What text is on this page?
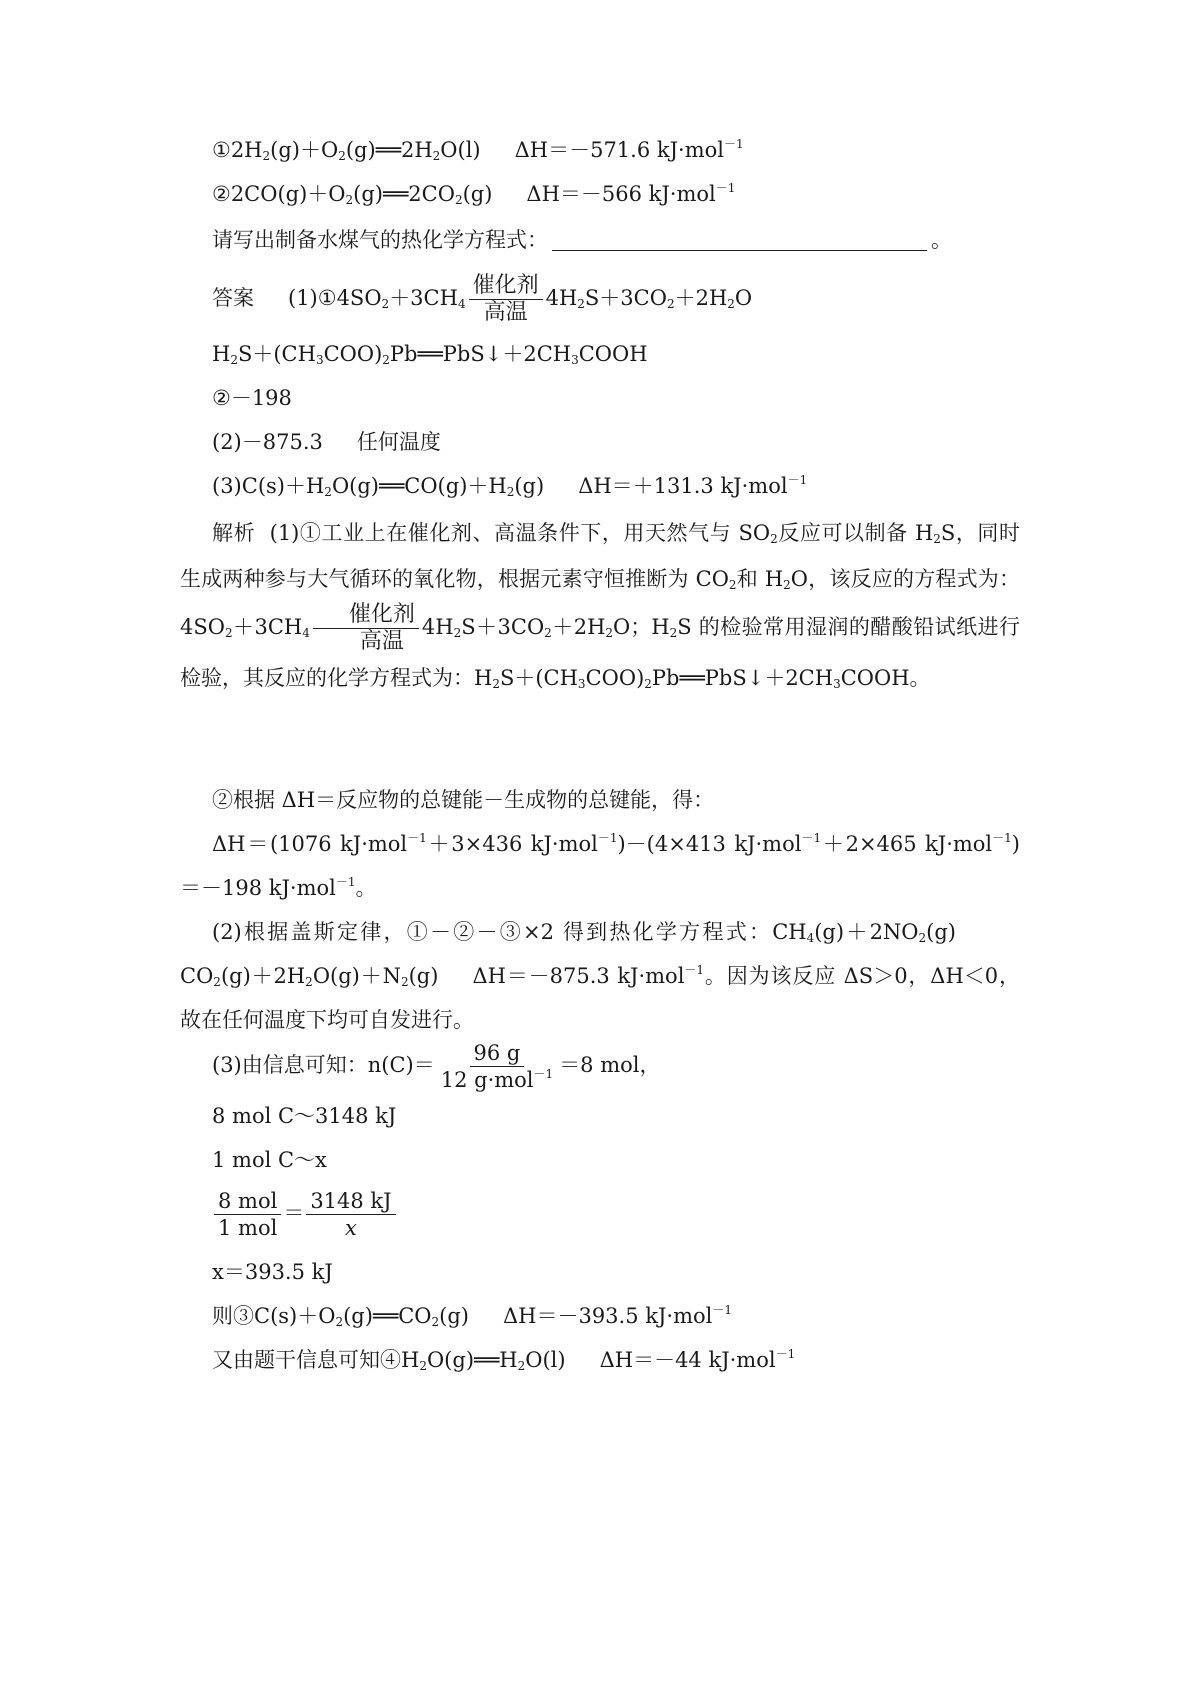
$①2H_2(g)+O_2(g)══2H_2O(l)$ ΔH＝－571.6 kJ·mol$^{-1}$
$②2CO(g)+O_2(g)══2CO_2(g)$ ΔH＝－566 kJ·mol$^{-1}$
请写出制备水煤气的热化学方程式：	。
答案 $(1)①4SO_2+3CH_4$
催化剂
高温
$4H_2S+3CO_2+2H_2O$
$H_2S+(CH_3COO)_2Pb══PbS↓+2CH_3COOH$
②－198
(2)－875.3 任何温度
$(3)C(s)+H_2O(g)══CO(g)+H_2(g)$ ΔH＝＋131.3 kJ·mol$^{-1}$
解析 (1)①工业上在催化剂、高温条件下，用天然气与 $SO_2$反应可以制备 $H_2S$，同时生成两种参与大气循环的氧化物，根据元素守恒推断为 $CO_2$和 $H_2O$，该反应的方程式为：$4SO_2+3CH_4$
催化剂
高温
$4H_2S+3CO_2+2H_2O$；$H_2S$ 的检验常用湿润的醋酸铅试纸进行检验，其反应的化学方程式为：$H_2S+(CH_3COO)_2Pb══PbS↓+2CH_3COOH$。
②根据 ΔH＝反应物的总键能－生成物的总键能，得：
ΔH＝(1076 kJ·mol$^{-1}$＋3×436 kJ·mol$^{-1}$)－(4×413 kJ·mol$^{-1}$＋2×465 kJ·mol$^{-1}$)＝－198 kJ·mol$^{-1}$。
(2)根据盖斯定律，①－②－③×2 得到热化学方程式：$CH_4(g)+2NO_2(g)CO_2(g)+2H_2O(g)+N_2(g)$ ΔH＝－875.3 kJ·mol$^{-1}$。因为该反应 ΔS＞0，ΔH＜0，故在任何温度下均可自发进行。
(3)由信息可知：$n(C)= \frac{96 g}{12 g\cdot mol^{-1}} =8$ mol，
8 mol C～3148 kJ
1 mol C～x
$\frac{\text{8 mol}}{\text{1 mol}} = \frac{3148 kJ}{x}$
x＝393.5 kJ
则$③C(s)+O_2(g)══CO_2(g)$ ΔH＝－393.5 kJ·mol$^{-1}$
又由题干信息可知$④H_2O(g)══H_2O(l)$ ΔH＝－44 kJ·mol$^{-1}$
